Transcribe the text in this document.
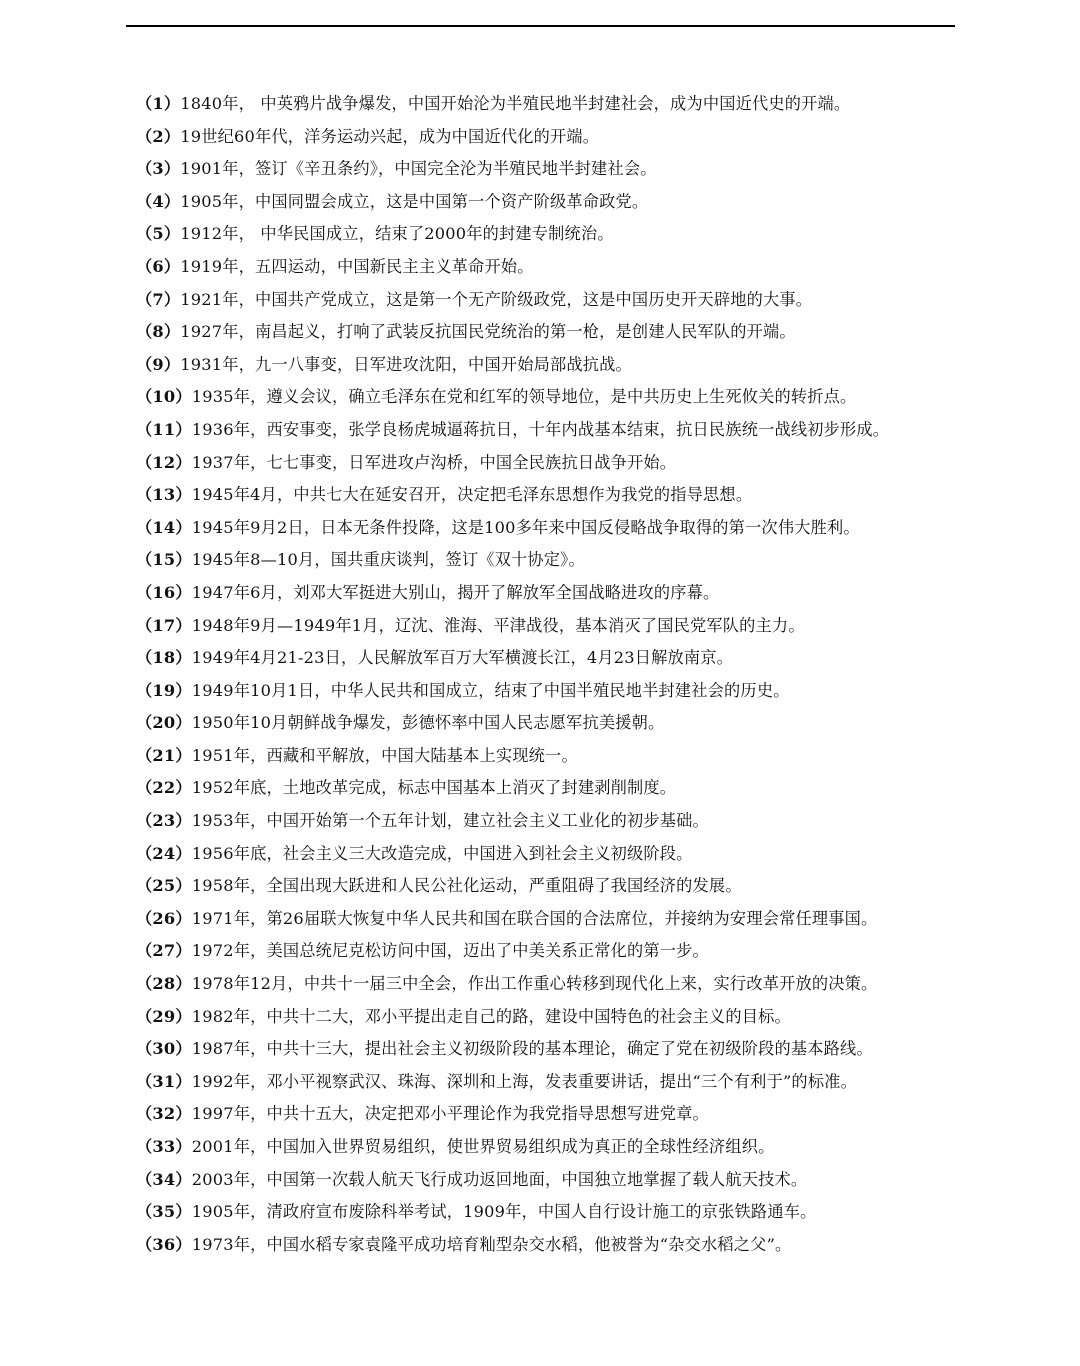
（1）1840年， 中英鸦片战争爆发，中国开始沦为半殖民地半封建社会，成为中国近代史的开端。

（2）19世纪60年代，洋务运动兴起，成为中国近代化的开端。

（3）1901年，签订《辛丑条约》，中国完全沦为半殖民地半封建社会。

（4）1905年，中国同盟会成立，这是中国第一个资产阶级革命政党。

（5）1912年， 中华民国成立，结束了2000年的封建专制统治。

（6）1919年，五四运动，中国新民主主义革命开始。

（7）1921年，中国共产党成立，这是第一个无产阶级政党，这是中国历史开天辟地的大事。

（8）1927年，南昌起义，打响了武装反抗国民党统治的第一枪，是创建人民军队的开端。

（9）1931年，九一八事变，日军进攻沈阳，中国开始局部战抗战。

（10）1935年，遵义会议，确立毛泽东在党和红军的领导地位，是中共历史上生死攸关的转折点。

（11）1936年，西安事变，张学良杨虎城逼蒋抗日，十年内战基本结束，抗日民族统一战线初步形成。

（12）1937年，七七事变，日军进攻卢沟桥，中国全民族抗日战争开始。

（13）1945年4月，中共七大在延安召开，决定把毛泽东思想作为我党的指导思想。

（14）1945年9月2日，日本无条件投降，这是100多年来中国反侵略战争取得的第一次伟大胜利。

（15）1945年8—10月，国共重庆谈判，签订《双十协定》。

（16）1947年6月，刘邓大军挺进大别山，揭开了解放军全国战略进攻的序幕。

（17）1948年9月—1949年1月，辽沈、淮海、平津战役，基本消灭了国民党军队的主力。

（18）1949年4月21-23日，人民解放军百万大军横渡长江，4月23日解放南京。

（19）1949年10月1日，中华人民共和国成立，结束了中国半殖民地半封建社会的历史。

（20）1950年10月朝鲜战争爆发，彭德怀率中国人民志愿军抗美援朝。

（21）1951年，西藏和平解放，中国大陆基本上实现统一。

（22）1952年底，土地改革完成，标志中国基本上消灭了封建剥削制度。

（23）1953年，中国开始第一个五年计划，建立社会主义工业化的初步基础。

（24）1956年底，社会主义三大改造完成，中国进入到社会主义初级阶段。

（25）1958年，全国出现大跃进和人民公社化运动，严重阻碍了我国经济的发展。

（26）1971年，第26届联大恢复中华人民共和国在联合国的合法席位，并接纳为安理会常任理事国。

（27）1972年，美国总统尼克松访问中国，迈出了中美关系正常化的第一步。

（28）1978年12月，中共十一届三中全会，作出工作重心转移到现代化上来，实行改革开放的决策。

（29）1982年，中共十二大，邓小平提出走自己的路，建设中国特色的社会主义的目标。

（30）1987年，中共十三大，提出社会主义初级阶段的基本理论，确定了党在初级阶段的基本路线。

（31）1992年，邓小平视察武汉、珠海、深圳和上海，发表重要讲话，提出“三个有利于”的标准。

（32）1997年，中共十五大，决定把邓小平理论作为我党指导思想写进党章。

（33）2001年，中国加入世界贸易组织，使世界贸易组织成为真正的全球性经济组织。

（34）2003年，中国第一次载人航天飞行成功返回地面，中国独立地掌握了载人航天技术。

（35）1905年，清政府宣布废除科举考试，1909年，中国人自行设计施工的京张铁路通车。

（36）1973年，中国水稻专家袁隆平成功培育籼型杂交水稻，他被誉为“杂交水稻之父”。
